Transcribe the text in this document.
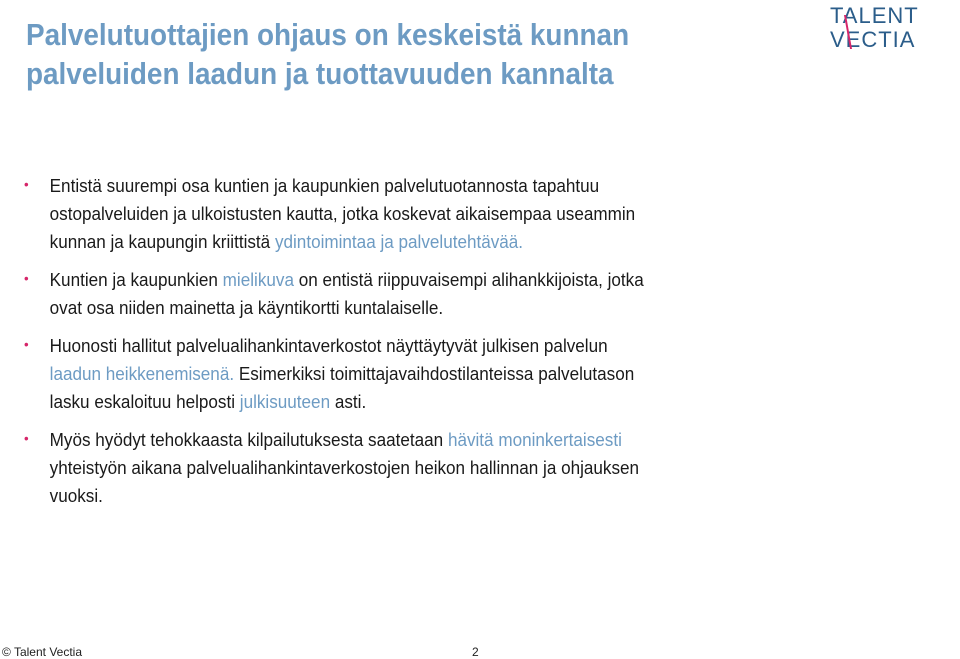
Palvelutuottajien ohjaus on keskeistä kunnan
palveluiden laadun ja tuottavuuden kannalta
TALENT
VECTIA
• Entistä suurempi osa kuntien ja kaupunkien palvelutuotannosta tapahtuu
ostopalveluiden ja ulkoistusten kautta, jotka koskevat aikaisempaa useammin
kunnan ja kaupungin kriittistä ydintoimintaa ja palvelutehtävää.
• Kuntien ja kaupunkien mielikuva on entistä riippuvaisempi alihankkijoista, jotka
ovat osa niiden mainetta ja käyntikortti kuntalaiselle.
• Huonosti hallitut palvelualihankintaverkostot näyttäytyvät julkisen palvelun
laadun heikkenemisenä. Esimerkiksi toimittajavaihdostilanteissa palvelutason
lasku eskaloituu helposti julkisuuteen asti.
• Myös hyödyt tehokkaasta kilpailutuksesta saatetaan hävitä moninkertaisesti
yhteistyön aikana palvelualihankintaverkostojen heikon hallinnan ja ohjauksen
vuoksi.
© Talent Vectia	2
